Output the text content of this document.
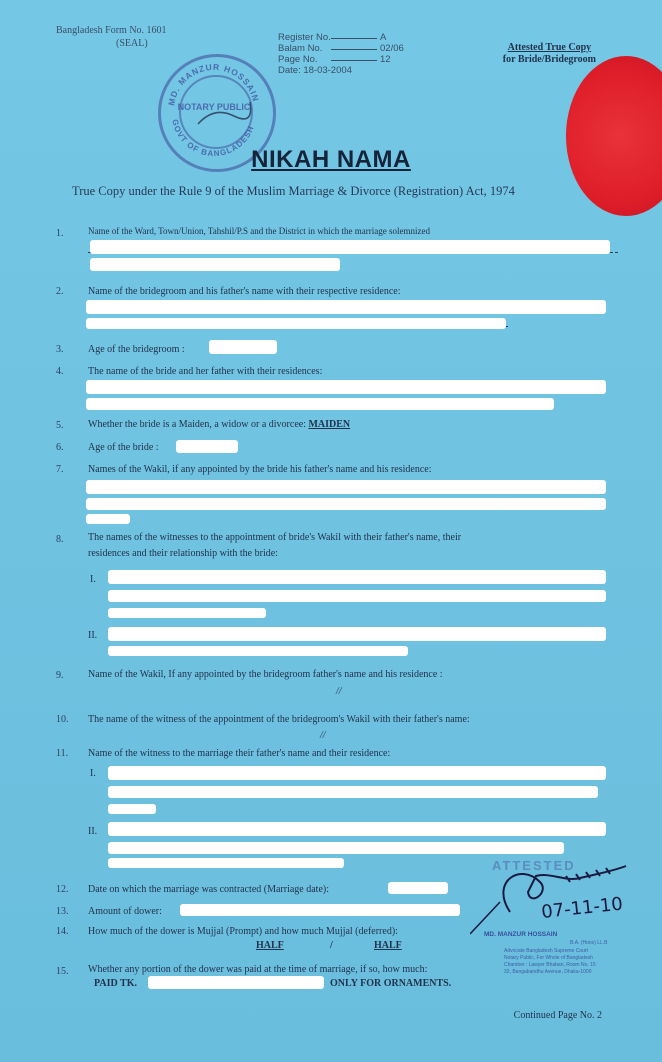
Bangladesh Form No. 1601
(SEAL)
MD. MANZUR HOSSAIN
GOVT OF BANGLADESH
NOTARY PUBLIC
Register No.	A
Balam No.	02/06
Page No.	12
Date: 18-03-2004
Attested True Copy
for Bride/Bridegroom
NIKAH NAMA
True Copy under the Rule 9 of the Muslim Marriage & Divorce (Registration) Act, 1974
1.	Name of the Ward, Town/Union, Tahshil/P.S and the District in which the marriage solemnized
2. Name of the bridegroom and his father's name with their respective residence:
3. Age of the bridegroom :
4. The name of the bride and her father with their residences:
5. Whether the bride is a Maiden, a widow or a divorcee: MAIDEN
6. Age of the bride :
7. Names of the Wakil, if any appointed by the bride his father's name and his residence:
8. The names of the witnesses to the appointment of bride's Wakil with their father's name, their
residences and their relationship with the bride:
I.
II.
9. Name of the Wakil, If any appointed by the bridegroom father's name and his residence :
//
10. The name of the witness of the appointment of the bridegroom's Wakil with their father's name:
//
11. Name of the witness to the marriage their father's name and their residence:
I.
II.
12. Date on which the marriage was contracted (Marriage date):
13. Amount of dower:
14. How much of the dower is Mujjal (Prompt) and how much Mujjal (deferred):
HALF	/	HALF
15. Whether any portion of the dower was paid at the time of marriage, if so, how much:
PAID TK.	ONLY FOR ORNAMENTS.
ATTESTED
07-11-10
MD. MANZUR HOSSAIN
B.A. (Hons) LL.B
Advocate Bangladesh Supreme Court
Notary Public, For Whole of Bangladesh
Chamber : Lawyer Bhaban, Room No. 15
32, Bangabandhu Avenue, Dhaka-1000
Continued Page No. 2
